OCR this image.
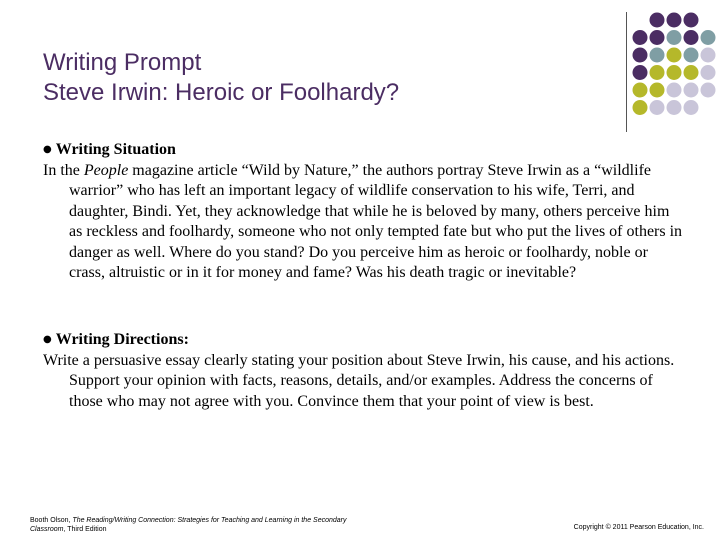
Writing Prompt
Steve Irwin: Heroic or Foolhardy?
● Writing Situation

In the People magazine article “Wild by Nature,” the authors portray Steve Irwin as a “wildlife warrior” who has left an important legacy of wildlife conservation to his wife, Terri, and daughter, Bindi. Yet, they acknowledge that while he is beloved by many, others perceive him as reckless and foolhardy, someone who not only tempted fate but who put the lives of others in danger as well. Where do you stand? Do you perceive him as heroic or foolhardy, noble or crass, altruistic or in it for money and fame? Was his death tragic or inevitable?

● Writing Directions:

Write a persuasive essay clearly stating your position about Steve Irwin, his cause, and his actions. Support your opinion with facts, reasons, details, and/or examples. Address the concerns of those who may not agree with you. Convince them that your point of view is best.

Booth Olson, The Reading/Writing Connection: Strategies for Teaching and Learning in the Secondary Classroom, Third Edition	Copyright © 2011 Pearson Education, Inc.
